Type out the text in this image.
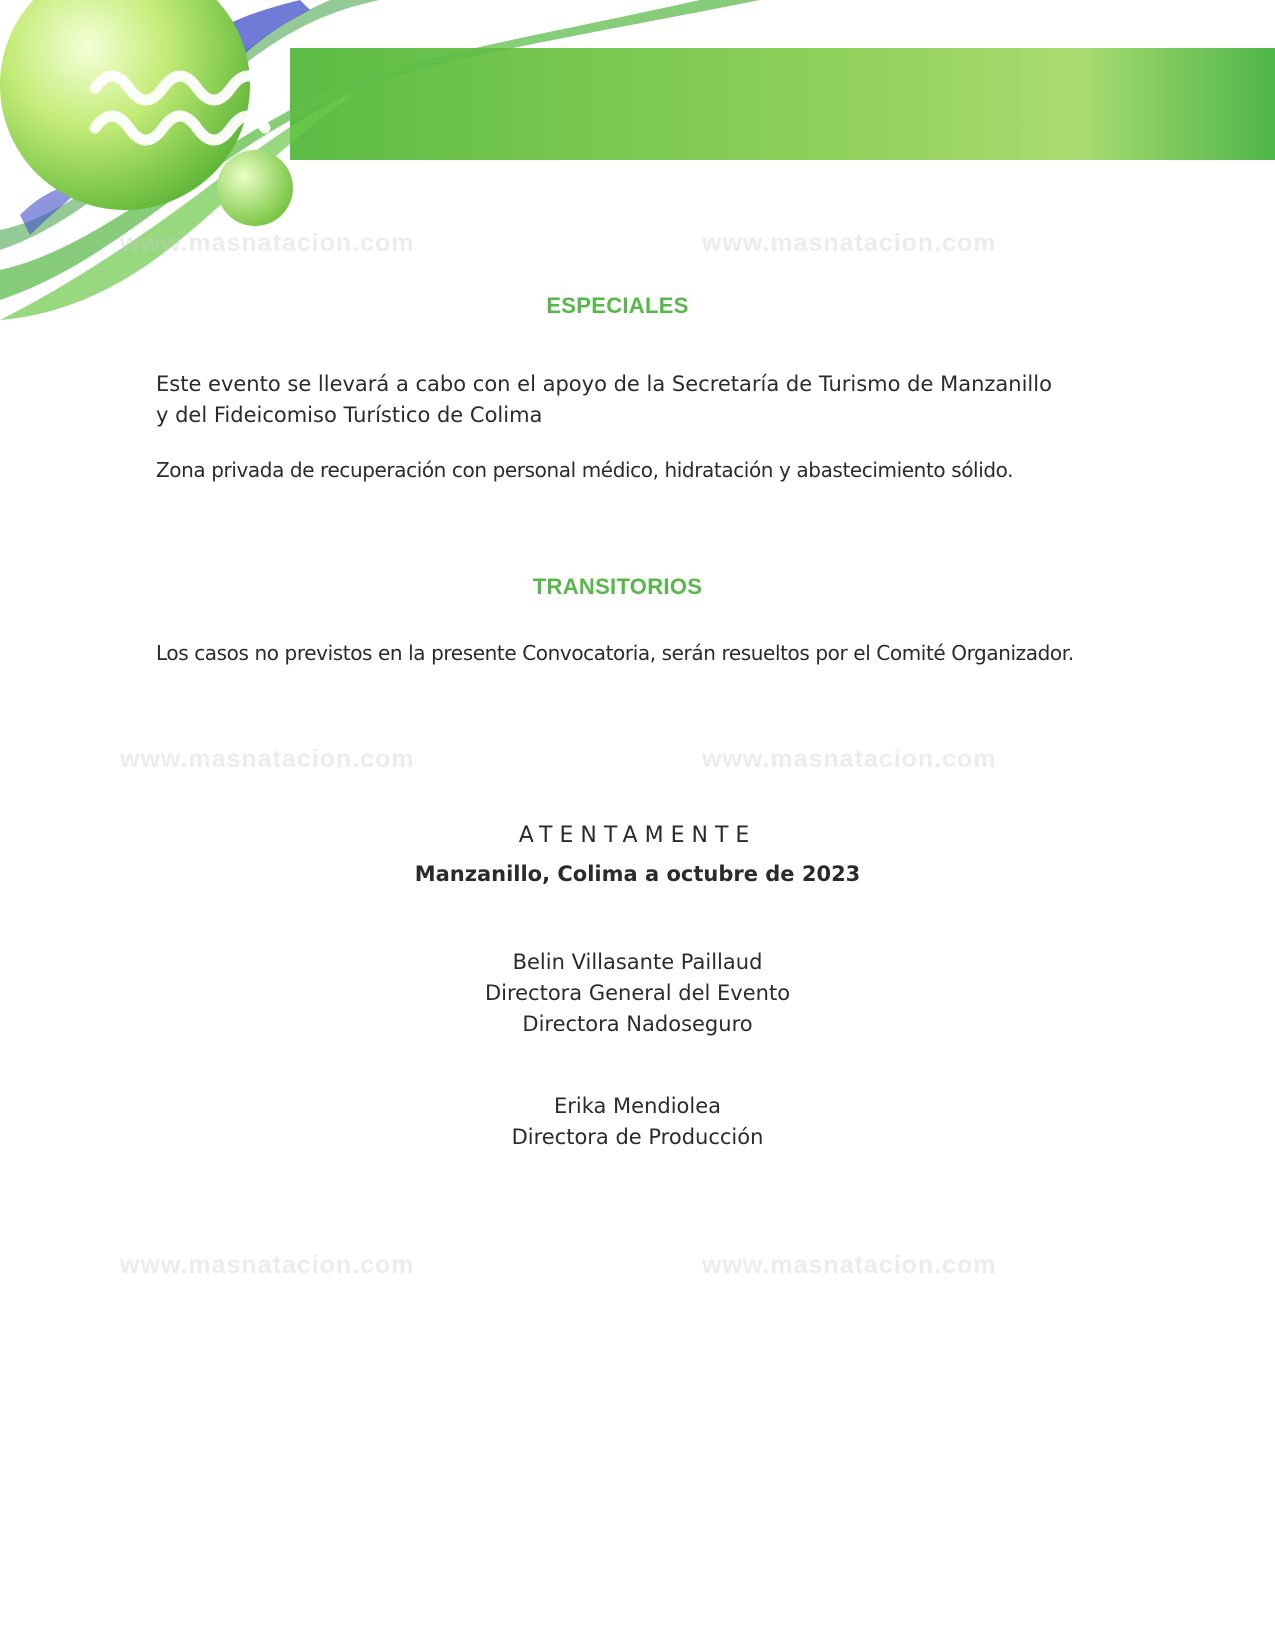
www.masnatacion.com	www.masnatacion.com
www.masnatacion.com	www.masnatacion.com
www.masnatacion.com	www.masnatacion.com
ESPECIALES
Este evento se llevará a cabo con el apoyo de la Secretaría de Turismo de Manzanillo
y del Fideicomiso Turístico de Colima
Zona privada de recuperación con personal médico, hidratación y abastecimiento sólido.
TRANSITORIOS
Los casos no previstos en la presente Convocatoria, serán resueltos por el Comité Organizador.
ATENTAMENTE
Manzanillo, Colima a octubre de 2023
Belin Villasante Paillaud
Directora General del Evento
Directora Nadoseguro
Erika Mendiolea
Directora de Producción
